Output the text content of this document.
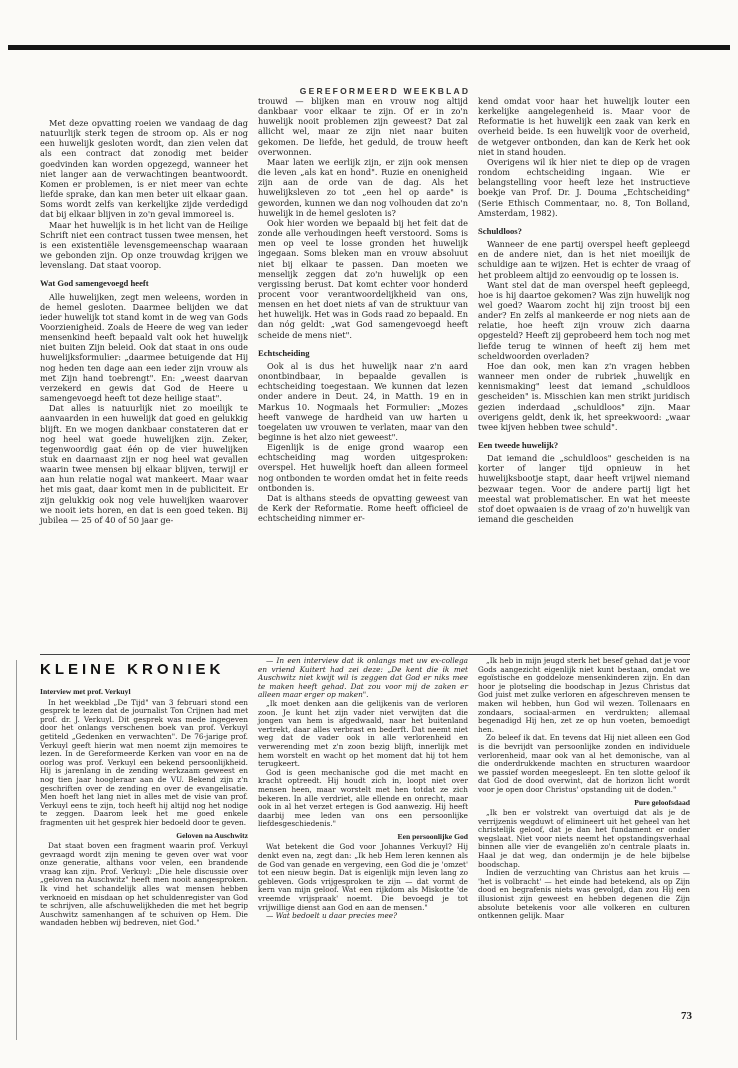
GEREFORMEERD WEEKBLAD

Met deze opvatting roeien we vandaag de dag natuurlijk sterk tegen de stroom op. Als er nog een huwelijk gesloten wordt, dan zien velen dat als een contract dat zonodig met beider goedvinden kan worden opgezegd, wanneer het niet langer aan de verwachtingen beantwoordt. Komen er problemen, is er niet meer van echte liefde sprake, dan kan men beter uit elkaar gaan. Soms wordt zelfs van kerkelijke zijde verdedigd dat bij elkaar blijven in zo'n geval immoreel is.

Maar het huwelijk is in het licht van de Heilige Schrift niet een contract tussen twee mensen, het is een existentiële levensgemeenschap waaraan we gebonden zijn. Op onze trouwdag krijgen we levenslang. Dat staat voorop.

Wat God samengevoegd heeft

Alle huwelijken, zegt men weleens, worden in de hemel gesloten. Daarmee belijden we dat ieder huwelijk tot stand komt in de weg van Gods Voorzienigheid. Zoals de Heere de weg van ieder mensenkind heeft bepaald valt ook het huwelijk niet buiten Zijn beleid. Ook dat staat in ons oude huwelijksformulier: „daarmee betuigende dat Hij nog heden ten dage aan een ieder zijn vrouw als met Zijn hand toebrengt". En: „weest daarvan verzekerd en gewis dat God de Heere u samengevoegd heeft tot deze heilige staat".

Dat alles is natuurlijk niet zo moeilijk te aanvaarden in een huwelijk dat goed en gelukkig blijft. En we mogen dankbaar constateren dat er nog heel wat goede huwelijken zijn. Zeker, tegenwoordig gaat één op de vier huwelijken stuk en daarnaast zijn er nog heel wat gevallen waarin twee mensen bij elkaar blijven, terwijl er aan hun relatie nogal wat mankeert. Maar waar het mis gaat, daar komt men in de publiciteit. Er zijn gelukkig ook nog vele huwelijken waarover we nooit iets horen, en dat is een goed teken. Bij jubilea — 25 of 40 of 50 jaar ge-

trouwd — blijken man en vrouw nog altijd dankbaar voor elkaar te zijn. Of er in zo'n huwelijk nooit problemen zijn geweest? Dat zal allicht wel, maar ze zijn niet naar buiten gekomen. De liefde, het geduld, de trouw heeft overwonnen.

Maar laten we eerlijk zijn, er zijn ook mensen die leven „als kat en hond". Ruzie en onenigheid zijn aan de orde van de dag. Als het huwelijksleven zo tot „een hel op aarde" is geworden, kunnen we dan nog volhouden dat zo'n huwelijk in de hemel gesloten is?

Ook hier worden we bepaald bij het feit dat de zonde alle verhoudingen heeft verstoord. Soms is men op veel te losse gronden het huwelijk ingegaan. Soms bleken man en vrouw absoluut niet bij elkaar te passen. Dan moeten we menselijk zeggen dat zo'n huwelijk op een vergissing berust. Dat komt echter voor honderd procent voor verantwoordelijkheid van ons, mensen en het doet niets af van de struktuur van het huwelijk. Het was in Gods raad zo bepaald. En dan nóg geldt: „wat God samengevoegd heeft scheide de mens niet".

Echtscheiding

Ook al is dus het huwelijk naar z'n aard onontbindbaar, in bepaalde gevallen is echtscheiding toegestaan. We kunnen dat lezen onder andere in Deut. 24, in Matth. 19 en in Markus 10. Nogmaals het Formulier: „Mozes heeft vanwege de hardheid van uw harten u toegelaten uw vrouwen te verlaten, maar van den beginne is het alzo niet geweest".

Eigenlijk is de enige grond waarop een echtscheiding mag worden uitgesproken: overspel. Het huwelijk hoeft dan alleen formeel nog ontbonden te worden omdat het in feite reeds ontbonden is.

Dat is althans steeds de opvatting geweest van de Kerk der Reformatie. Rome heeft officieel de echtscheiding nimmer er-

kend omdat voor haar het huwelijk louter een kerkelijke aangelegenheid is. Maar voor de Reformatie is het huwelijk een zaak van kerk en overheid beide. Is een huwelijk voor de overheid, de wetgever ontbonden, dan kan de Kerk het ook niet in stand houden.

Overigens wil ik hier niet te diep op de vragen rondom echtscheiding ingaan. Wie er belangstelling voor heeft leze het instructieve boekje van Prof. Dr. J. Douma „Echtscheiding" (Serie Ethisch Commentaar, no. 8, Ton Bolland, Amsterdam, 1982).

Schuldloos?

Wanneer de ene partij overspel heeft gepleegd en de andere niet, dan is het niet moeilijk de schuldige aan te wijzen. Het is echter de vraag of het probleem altijd zo eenvoudig op te lossen is.

Want stel dat de man overspel heeft gepleegd, hoe is hij daartoe gekomen? Was zijn huwelijk nog wel goed? Waarom zocht hij zijn troost bij een ander? En zelfs al mankeerde er nog niets aan de relatie, hoe heeft zijn vrouw zich daarna opgesteld? Heeft zij geprobeerd hem toch nog met liefde terug te winnen of heeft zij hem met scheldwoorden overladen?

Hoe dan ook, men kan z'n vragen hebben wanneer men onder de rubriek „huwelijk en kennismaking" leest dat iemand „schuldloos gescheiden" is. Misschien kan men strikt juridisch gezien inderdaad „schuldloos" zijn. Maar overigens geldt, denk ik, het spreekwoord: „waar twee kijven hebben twee schuld".

Een tweede huwelijk?

Dat iemand die „schuldloos" gescheiden is na korter of langer tijd opnieuw in het huwelijksbootje stapt, daar heeft vrijwel niemand bezwaar tegen. Voor de andere partij ligt het meestal wat problematischer. En wat het meeste stof doet opwaaien is de vraag of zo'n huwelijk van iemand die gescheiden

KLEINE KRONIEK
Interview met prof. Verkuyl

In het weekblad „De Tijd" van 3 februari stond een gesprek te lezen dat de journalist Ton Crijnen had met prof. dr. J. Verkuyl. Dit gesprek was mede ingegeven door het onlangs verschenen boek van prof. Verkuyl getiteld „Gedenken en verwachten". De 76-jarige prof. Verkuyl geeft hierin wat men noemt zijn memoires te lezen. In de Gereformeerde Kerken van voor en na de oorlog was prof. Verkuyl een bekend persoonlijkheid. Hij is jarenlang in de zending werkzaam geweest en nog tien jaar hoogleraar aan de VU. Bekend zijn z'n geschriften over de zending en over de evangelisatie. Men hoeft het lang niet in alles met de visie van prof. Verkuyl eens te zijn, toch heeft hij altijd nog het nodige te zeggen. Daarom leek het me goed enkele fragmenten uit het gesprek hier bedoeld door te geven.

Geloven na Auschwitz

Dat staat boven een fragment waarin prof. Verkuyl gevraagd wordt zijn mening te geven over wat voor onze generatie, althans voor velen, een brandende vraag kan zijn. Prof. Verkuyl: „Die hele discussie over „geloven na Auschwitz" heeft men nooit aangesproken. Ik vind het schandelijk alles wat mensen hebben verknoeid en misdaan op het schuldenregister van God te schrijven, alle afschuwelijkheden die met het begrip Auschwitz samenhangen af te schuiven op Hem. Die wandaden hebben wij bedreven, niet God."

— In een interview dat ik onlangs met uw ex-collega en vriend Kuitert had zei deze: „De kent die ik met Auschwitz niet kwijt wil is zeggen dat God er niks mee te maken heeft gehad. Dat zou voor mij de zaken er alleen maar erger op maken".

„Ik moet denken aan die gelijkenis van de verloren zoon. Je kunt het zijn vader niet verwijten dat die jongen van hem is afgedwaald, naar het buitenland vertrekt, daar alles verbrast en bederft. Dat neemt niet weg dat de vader ook in alle verlorenheid en verwerending met z'n zoon bezig blijft, innerlijk met hem worstelt en wacht op het moment dat hij tot hem terugkeert.

God is geen mechanische god die met macht en kracht optreedt. Hij houdt zich in, loopt niet over mensen heen, maar worstelt met hen totdat ze zich bekeren. In alle verdriet, alle ellende en onrecht, maar ook in al het verzet ertegen is God aanwezig. Hij heeft daarbij mee leden van ons een persoonlijke liefdesgeschiedenis."

Een persoonlijke God

Wat betekent die God voor Johannes Verkuyl? Hij denkt even na, zegt dan: „Ik heb Hem leren kennen als de God van genade en vergeving, een God die je 'omzet' tot een nieuw begin. Dat is eigenlijk mijn leven lang zo gebleven. Gods vrijgesproken te zijn — dat vormt de kern van mijn geloof. Wat een rijkdom als Miskotte 'de vreemde vrijspraak' noemt. Die bevoegd je tot vrijwillige dienst aan God en aan de mensen."

— Wat bedoelt u daar precies mee?

„Ik heb in mijn jeugd sterk het besef gehad dat je voor Gods aangezicht eigenlijk niet kunt bestaan, omdat we egoïstische en goddeloze mensenkinderen zijn. En dan hoor je plotseling die boodschap in Jezus Christus dat God juist met zulke verloren en afgeschreven mensen te maken wil hebben, hun God wil wezen. Tollenaars en zondaars, sociaal-armen en verdrukten; allemaal begenadigd Hij hen, zet ze op hun voeten, bemoedigt hen.

Zo beleef ik dat. En tevens dat Hij niet alleen een God is die bevrijdt van persoonlijke zonden en individuele verlorenheid, maar ook van al het demonische, van al die onderdrukkende machten en structuren waardoor we passief worden meegesleept. En ten slotte geloof ik dat God de dood overwint, dat de horizon licht wordt voor je open door Christus' opstanding uit de doden."

Pure geloofsdaad

„Ik ben er volstrekt van overtuigd dat als je de verrijzenis wegduwt of elimineert uit het geheel van het christelijk geloof, dat je dan het fundament er onder wegslaat. Niet voor niets neemt het opstandingsverhaal binnen alle vier de evangeliën zo'n centrale plaats in. Haal je dat weg, dan ondermijn je de hele bijbelse boodschap.

Indien de verzuchting van Christus aan het kruis — 'het is volbracht' — het einde had betekend, als op Zijn dood en begrafenis niets was gevolgd, dan zou Hij een illusionist zijn geweest en hebben degenen die Zijn absolute betekenis voor alle volkeren en culturen ontkennen gelijk. Maar

73
